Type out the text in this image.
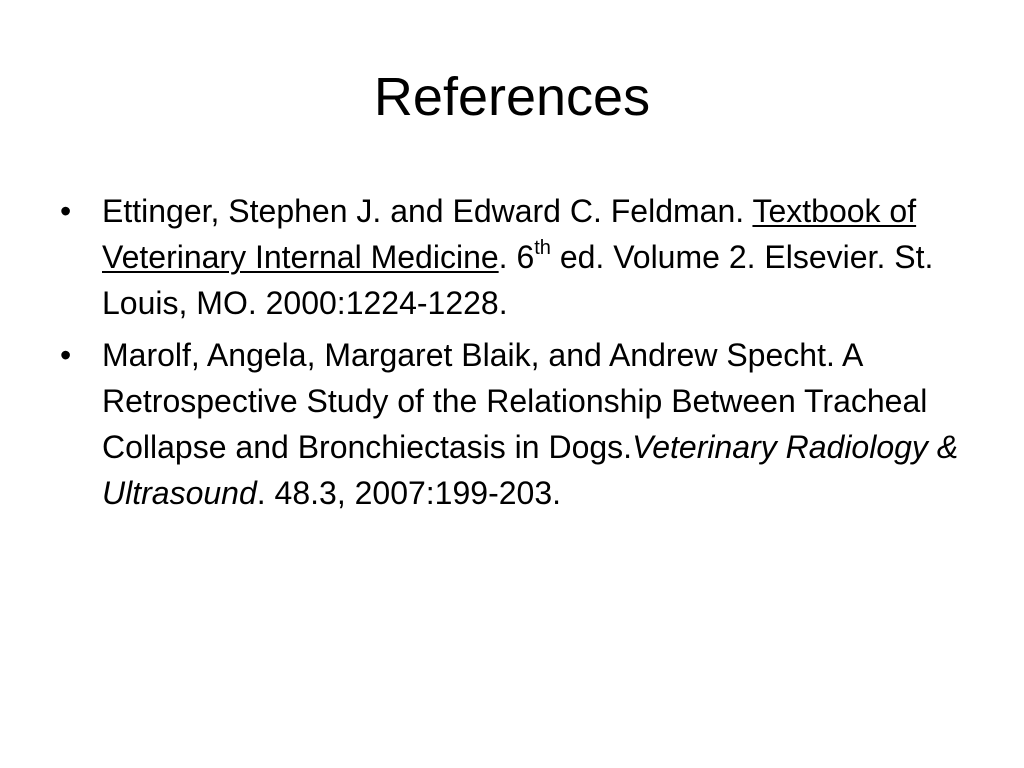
References
• Ettinger, Stephen J. and Edward C. Feldman. Textbook of Veterinary Internal Medicine. 6th ed. Volume 2. Elsevier. St. Louis, MO. 2000:1224-1228.
• Marolf, Angela, Margaret Blaik, and Andrew Specht. A Retrospective Study of the Relationship Between Tracheal Collapse and Bronchiectasis in Dogs.Veterinary Radiology & Ultrasound. 48.3, 2007:199-203.
